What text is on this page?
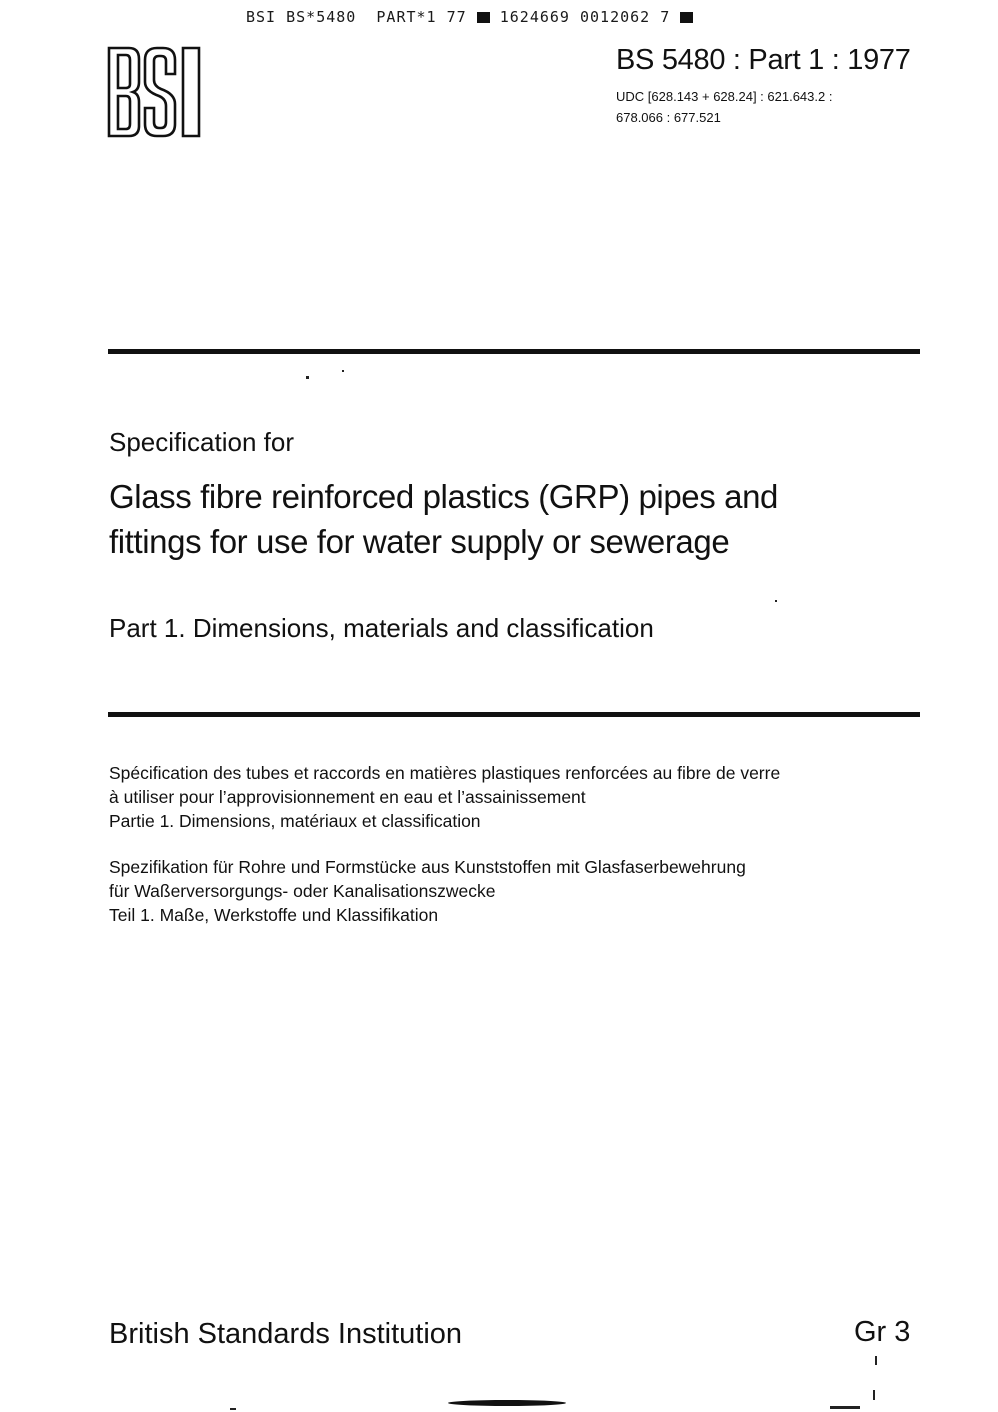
BSI BS*5480  PART*1 77 1624669 0012062 7
BSI	BS 5480 : Part 1 : 1977
UDC [628.143 + 628.24] : 621.643.2 :
678.066 : 677.521
Specification for
Glass fibre reinforced plastics (GRP) pipes and
fittings for use for water supply or sewerage
Part 1. Dimensions, materials and classification
Spécification des tubes et raccords en matières plastiques renforcées au fibre de verre
à utiliser pour l’approvisionnement en eau et l’assainissement
Partie 1. Dimensions, matériaux et classification
Spezifikation für Rohre und Formstücke aus Kunststoffen mit Glasfaserbewehrung
für Waßerversorgungs- oder Kanalisationszwecke
Teil 1. Maße, Werkstoffe und Klassifikation
British Standards Institution	Gr 3
